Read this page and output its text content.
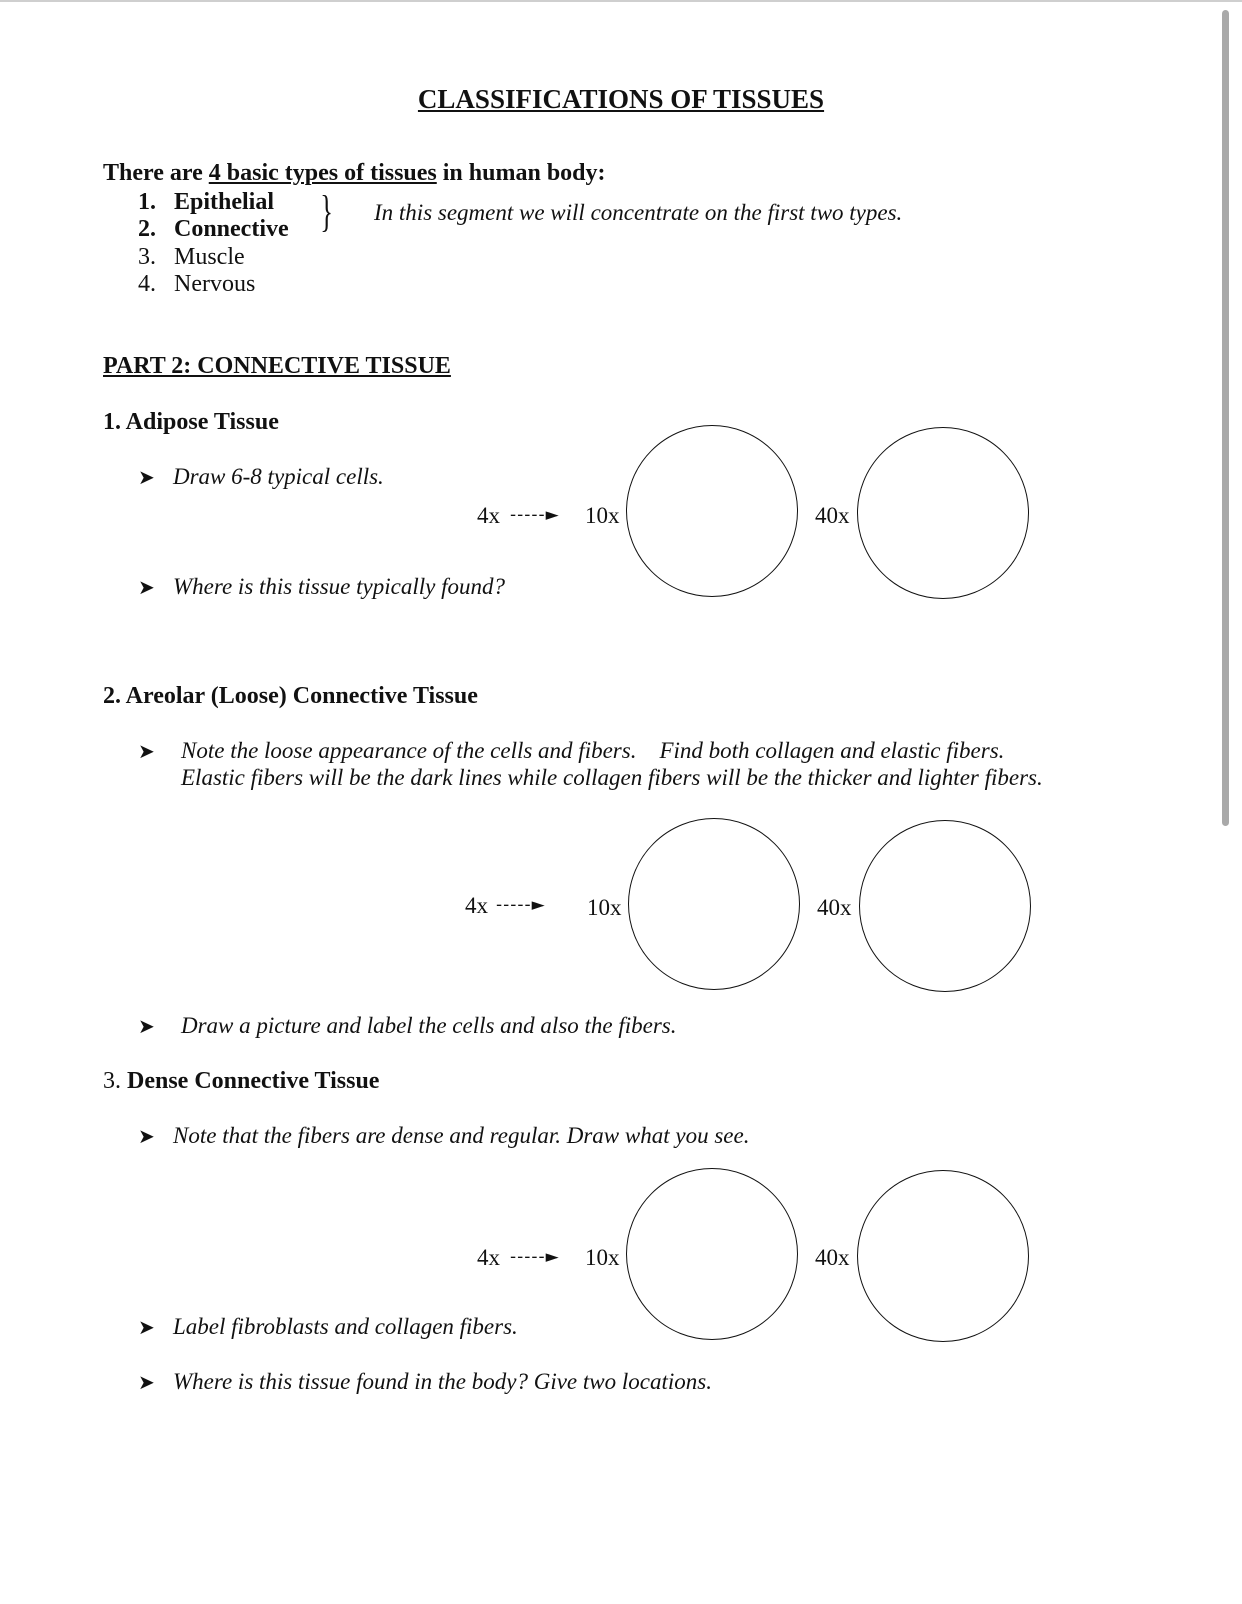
CLASSIFICATIONS OF TISSUES
There are 4 basic types of tissues in human body:
1. Epithelial
2. Connective
3. Muscle
4. Nervous
} In this segment we will concentrate on the first two types.
PART 2: CONNECTIVE TISSUE
1. Adipose Tissue
➤ Draw 6-8 typical cells.
4x -----► 10x	40x
➤ Where is this tissue typically found?
2. Areolar (Loose) Connective Tissue
➤ Note the loose appearance of the cells and fibers.    Find both collagen and elastic fibers.
Elastic fibers will be the dark lines while collagen fibers will be the thicker and lighter fibers.
4x -----► 10x	40x
➤ Draw a picture and label the cells and also the fibers.
3. Dense Connective Tissue
➤ Note that the fibers are dense and regular. Draw what you see.
4x -----► 10x	40x
➤ Label fibroblasts and collagen fibers.
➤ Where is this tissue found in the body? Give two locations.
